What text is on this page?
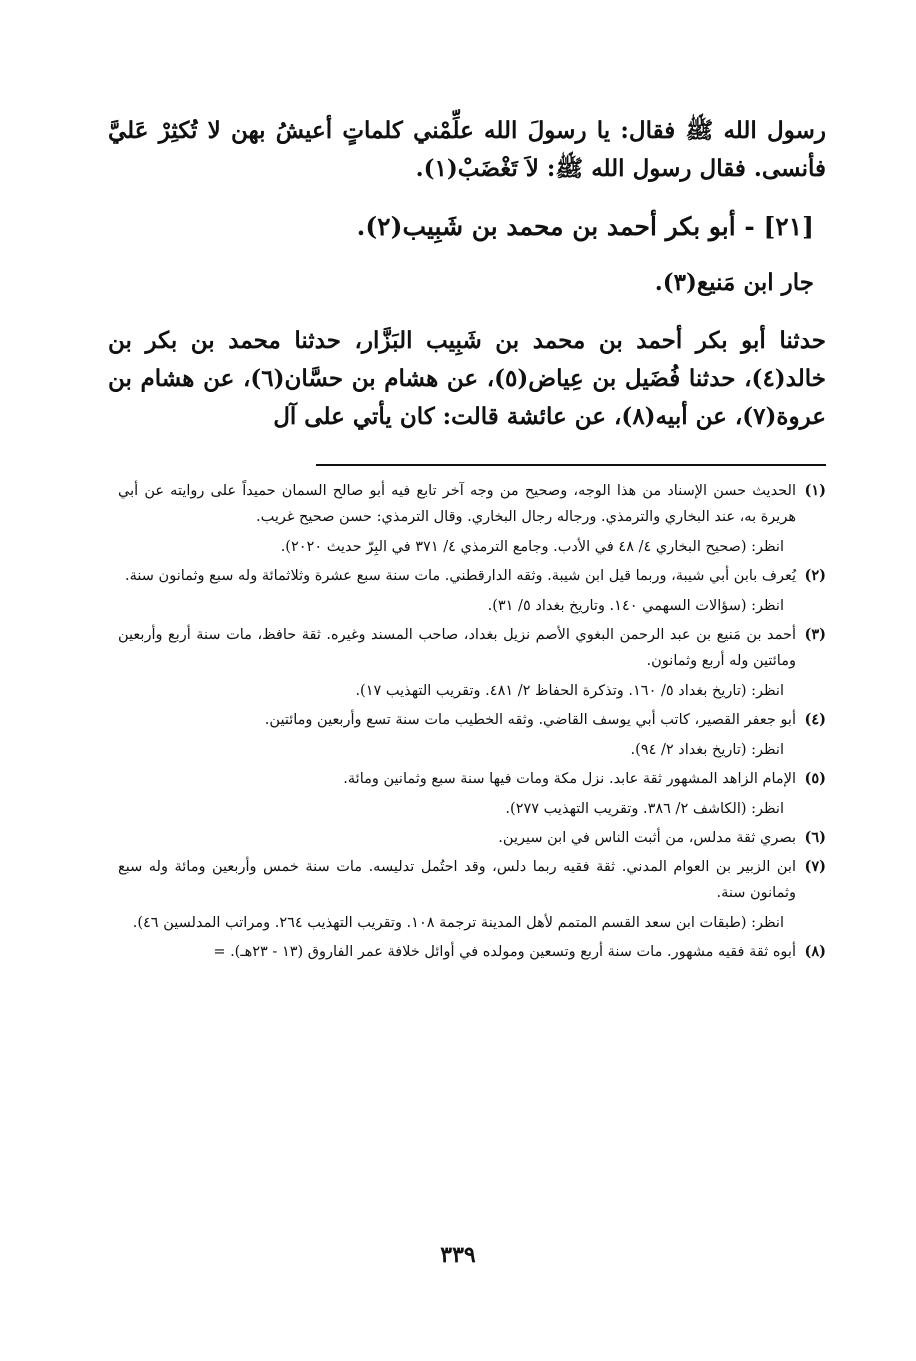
رسول الله ﷺ فقال: يا رسولَ الله علِّمْني كلماتٍ أعيشُ بهن لا تُكثِرْ عَليَّ فأنسى. فقال رسول الله ﷺ: لاَ تَغْضَبْ(١).

[٢١] - أبو بكر أحمد بن محمد بن شَبِيب(٢).

جار ابن مَنيع(٣).

حدثنا أبو بكر أحمد بن محمد بن شَبِيب البَزَّار، حدثنا محمد بن بكر بن خالد(٤)، حدثنا فُضَيل بن عِياض(٥)، عن هشام بن حسَّان(٦)، عن هشام بن عروة(٧)، عن أبيه(٨)، عن عائشة قالت: كان يأتي على آل

(١)

الحديث حسن الإسناد من هذا الوجه، وصحيح من وجه آخر تابع فيه أبو صالح السمان حميداً على روايته عن أبي هريرة به، عند البخاري والترمذي. ورجاله رجال البخاري. وقال الترمذي: حسن صحيح غريب.

انظر: (صحيح البخاري ٤/ ٤٨ في الأدب. وجامع الترمذي ٤/ ٣٧١ في البِرّ حديث ٢٠٢٠).

(٢)

يُعرف بابن أبي شيبة، وربما قيل ابن شيبة. وثقه الدارقطني. مات سنة سبع عشرة وثلاثمائة وله سبع وثمانون سنة.

انظر: (سؤالات السهمي ١٤٠. وتاريخ بغداد ٥/ ٣١).

(٣)

أحمد بن مَنيع بن عبد الرحمن البغوي الأصم نزيل بغداد، صاحب المسند وغيره. ثقة حافظ، مات سنة أربع وأربعين ومائتين وله أربع وثمانون.

انظر: (تاريخ بغداد ٥/ ١٦٠. وتذكرة الحفاظ ٢/ ٤٨١. وتقريب التهذيب ١٧).

(٤)

أبو جعفر القصير، كاتب أبي يوسف القاضي. وثقه الخطيب مات سنة تسع وأربعين ومائتين.

انظر: (تاريخ بغداد ٢/ ٩٤).

(٥)

الإمام الزاهد المشهور ثقة عابد. نزل مكة ومات فيها سنة سبع وثمانين ومائة.

انظر: (الكاشف ٢/ ٣٨٦. وتقريب التهذيب ٢٧٧).

(٦)

بصري ثقة مدلس، من أثبت الناس في ابن سيرين.

(٧)

ابن الزبير بن العوام المدني. ثقة فقيه ربما دلس، وقد احتُمل تدليسه. مات سنة خمس وأربعين ومائة وله سبع وثمانون سنة.

انظر: (طبقات ابن سعد القسم المتمم لأهل المدينة ترجمة ١٠٨. وتقريب التهذيب ٢٦٤. ومراتب المدلسين ٤٦).

(٨)

أبوه ثقة فقيه مشهور. مات سنة أربع وتسعين ومولده في أوائل خلافة عمر الفاروق (١٣ - ٢٣هـ). =

٣٣٩
